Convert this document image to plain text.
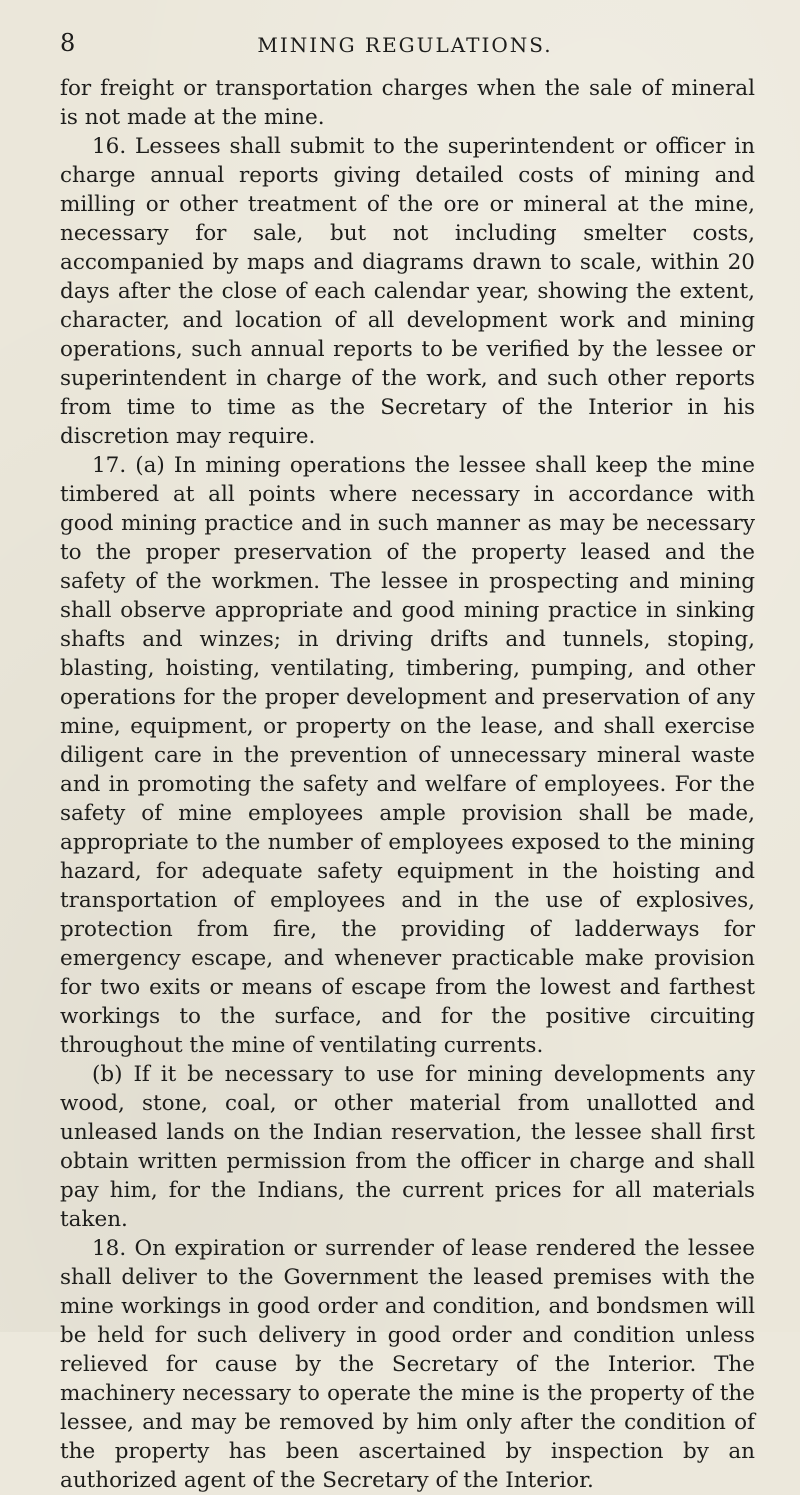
8	MINING REGULATIONS.

for freight or transportation charges when the sale of mineral is not made at the mine.

16. Lessees shall submit to the superintendent or officer in charge annual reports giving detailed costs of mining and milling or other treatment of the ore or mineral at the mine, necessary for sale, but not including smelter costs, accompanied by maps and diagrams drawn to scale, within 20 days after the close of each calendar year, showing the extent, character, and location of all development work and mining operations, such annual reports to be verified by the lessee or superintendent in charge of the work, and such other reports from time to time as the Secretary of the Interior in his discretion may require.

17. (a) In mining operations the lessee shall keep the mine timbered at all points where necessary in accordance with good mining practice and in such manner as may be necessary to the proper preservation of the property leased and the safety of the workmen. The lessee in prospecting and mining shall observe appropriate and good mining practice in sinking shafts and winzes; in driving drifts and tunnels, stoping, blasting, hoisting, ventilating, timbering, pumping, and other operations for the proper development and preservation of any mine, equipment, or property on the lease, and shall exercise diligent care in the prevention of unnecessary mineral waste and in promoting the safety and welfare of employees. For the safety of mine employees ample provision shall be made, appropriate to the number of employees exposed to the mining hazard, for adequate safety equipment in the hoisting and transportation of employees and in the use of explosives, protection from fire, the providing of ladderways for emergency escape, and whenever practicable make provision for two exits or means of escape from the lowest and farthest workings to the surface, and for the positive circuiting throughout the mine of ventilating currents.

(b) If it be necessary to use for mining developments any wood, stone, coal, or other material from unallotted and unleased lands on the Indian reservation, the lessee shall first obtain written permission from the officer in charge and shall pay him, for the Indians, the current prices for all materials taken.

18. On expiration or surrender of lease rendered the lessee shall deliver to the Government the leased premises with the mine workings in good order and condition, and bondsmen will be held for such delivery in good order and condition unless relieved for cause by the Secretary of the Interior. The machinery necessary to operate the mine is the property of the lessee, and may be removed by him only after the condition of the property has been ascertained by inspection by an authorized agent of the Secretary of the Interior.
